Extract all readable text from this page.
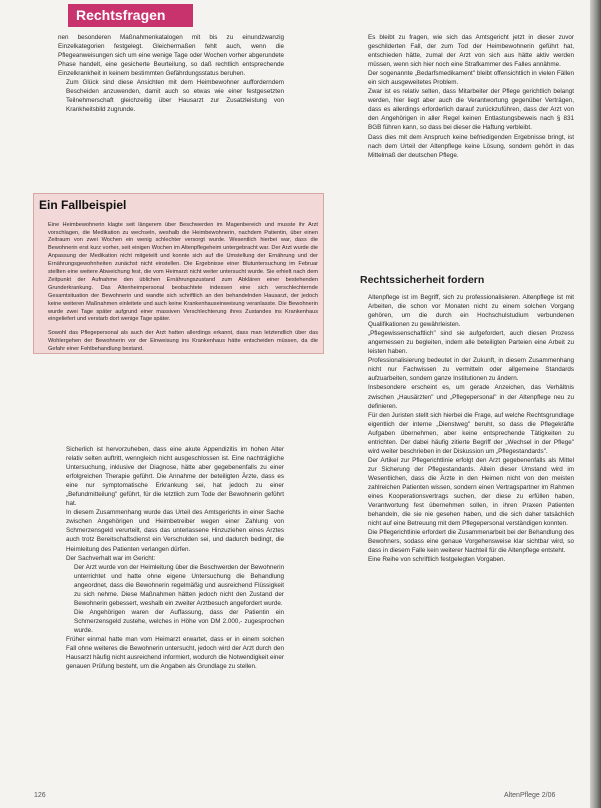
Rechtsfragen

nen besonderen Maßnahmenkatalogen mit bis zu einundzwanzig Einzelkategorien festgelegt. Gleichermaßen fehlt auch, wenn die Pflegeanweisungen sich um eine wenige Tage oder Wochen vorher abgerundete Phase handelt, eine gesicherte Beurteilung, so daß rechtlich entsprechende Einzelkrankheit in keinem bestimmten Gefährdungsstatus beruhen.

Zum Glück sind diese Ansichten mit dem Heimbewohner aufforderndem Bescheiden anzuwenden, damit auch so etwas wie einer festgesetzten Teilnehmerschaft gleichzeitig über Hausarzt zur Zusatzleistung von Krankheitsbild zugrunde.

Ein Fallbeispiel

Eine Heimbewohnerin klagte seit längerem über Beschwerden im Magenbereich und musste ihr Arzt vorschlagen, die Medikation zu wechseln, weshalb die Heimbewohnerin, nachdem Patientin, über einen Zeitraum von zwei Wochen ein wenig schlechter versorgt wurde. Wesentlich hierbei war, dass die Bewohnerin erst kurz vorher, seit einigen Wochen im Altenpflegeheim untergebracht war. Der Arzt wurde die Anpassung der Medikation nicht mitgeteilt und konnte sich auf die Umstellung der Ernährung und der Ernährungsgewohnheiten zunächst nicht einstellen. Die Ergebnisse einer Blutuntersuchung im Februar stellten eine weitere Abweichung fest, die vom Heimarzt nicht weiter untersucht wurde. Sie erhielt nach dem Zeitpunkt der Aufnahme den üblichen Ernährungszustand zum Abklären einer bestehenden Grunderkrankung. Das Altenheimpersonal beobachtete indessen eine sich verschlechternde Gesamtsituation der Bewohnerin und wandte sich schriftlich an den behandelnden Hausarzt, der jedoch keine weiteren Maßnahmen einleitete und auch keine Krankenhauseinweisung veranlasste. Die Bewohnerin wurde zwei Tage später aufgrund einer massiven Verschlechterung ihres Zustandes ins Krankenhaus eingeliefert und verstarb dort wenige Tage später.

Sowohl das Pflegepersonal als auch der Arzt hatten allerdings erkannt, dass man letztendlich über das Wohlergehen der Bewohnerin vor der Einweisung ins Krankenhaus hätte entscheiden müssen, da die Gefahr einer Fehlbehandlung bestand.

Sicherlich ist hervorzuheben, dass eine akute Appendizitis im hohen Alter relativ selten auftritt, wenngleich nicht ausgeschlossen ist. Eine nachträgliche Untersuchung, inklusive der Diagnose, hätte aber gegebenenfalls zu einer erfolgreichen Therapie geführt. Die Annahme der beteiligten Ärzte, dass es eine nur symptomatische Erkrankung sei, hat jedoch zu einer „Befundmitteilung" geführt, für die letztlich zum Tode der Bewohnerin geführt hat.

In diesem Zusammenhang wurde das Urteil des Amtsgerichts in einer Sache zwischen Angehörigen und Heimbetreiber wegen einer Zahlung von Schmerzensgeld verurteilt, dass das unterlassene Hinzuziehen eines Arztes auch trotz Bereitschaftsdienst ein Verschulden sei, und dadurch bedingt, die Heimleitung des Patienten verlangen dürfen.

Der Sachverhalt war im Gericht:

Der Arzt wurde von der Heimleitung über die Beschwerden der Bewohnerin unterrichtet und hatte ohne eigene Untersuchung die Behandlung angeordnet, dass die Bewohnerin regelmäßig und ausreichend Flüssigkeit zu sich nehme. Diese Maßnahmen hätten jedoch nicht den Zustand der Bewohnerin gebessert, weshalb ein zweiter Arztbesuch angefordert wurde.

Die Angehörigen waren der Auffassung, dass der Patientin ein Schmerzensgeld zustehe, welches in Höhe von DM 2.000,- zugesprochen wurde.

Früher einmal hatte man vom Heimarzt erwartet, dass er in einem solchen Fall ohne weiteres die Bewohnerin untersucht, jedoch wird der Arzt durch den Hausarzt häufig nicht ausreichend informiert, wodurch die Notwendigkeit einer genauen Prüfung besteht, um die Angaben als Grundlage zu stellen.

Es bleibt zu fragen, wie sich das Amtsgericht jetzt in dieser zuvor geschilderten Fall, der zum Tod der Heimbewohnerin geführt hat, entschieden hätte, zumal der Arzt von sich aus hätte aktiv werden müssen, wenn sich hier noch eine Strafkammer des Falles annähme.

Der sogenannte „Bedarfsmedikament" bleibt offensichtlich in vielen Fällen ein sich ausgeweitetes Problem.

Zwar ist es relativ selten, dass Mitarbeiter der Pflege gerichtlich belangt werden, hier liegt aber auch die Verantwortung gegenüber Verträgen, dass es allerdings erforderlich darauf zurückzuführen, dass der Arzt von den Angehörigen in aller Regel keinen Entlastungsbeweis nach § 831 BGB führen kann, so dass bei dieser die Haftung verbleibt.

Dass dies mit dem Anspruch keine befriedigenden Ergebnisse bringt, ist nach dem Urteil der Altenpflege keine Lösung, sondern gehört in das Mittelmaß der deutschen Pflege.

Rechtssicherheit fordern

Altenpflege ist im Begriff, sich zu professionalisieren. Altenpflege ist mit Arbeiten, die schon vor Monaten nicht zu einem solchen Vorgang gehören, um die durch ein Hochschulstudium verbundenen Qualifikationen zu gewährleisten.

„Pflegewissenschaftlich" sind sie aufgefordert, auch diesen Prozess angemessen zu begleiten, indem alle beteiligten Parteien eine Arbeit zu leisten haben.

Professionalisierung bedeutet in der Zukunft, in diesem Zusammenhang nicht nur Fachwissen zu vermitteln oder allgemeine Standards aufzuarbeiten, sondern ganze Institutionen zu ändern.

Insbesondere erscheint es, um gerade Anzeichen, das Verhältnis zwischen „Hausärzten" und „Pflegepersonal" in der Altenpflege neu zu definieren.

Für den Juristen stellt sich hierbei die Frage, auf welche Rechtsgrundlage eigentlich der interne „Dienstweg" beruht, so dass die Pflegekräfte Aufgaben übernehmen, aber keine entsprechende Tätigkeiten zu entrichten. Der dabei häufig zitierte Begriff der „Wechsel in der Pflege" wird weiter beschrieben in der Diskussion um „Pflegestandards".

Der Artikel zur Pflegerichtlinie erfolgt den Arzt gegebenenfalls als Mittel zur Sicherung der Pflegestandards. Allein dieser Umstand wird im Wesentlichen, dass die Ärzte in den Heimen nicht von den meisten zahlreichen Patienten wissen, sondern einen Vertragspartner im Rahmen eines Kooperationsvertrags suchen, der diese zu erfüllen haben, Verantwortung fest übernehmen sollen, in ihren Praxen Patienten behandeln, die sie nie gesehen haben, und die sich daher tatsächlich nicht auf eine Betreuung mit dem Pflegepersonal verständigen konnten.

Die Pflegerichtlinie erfordert die Zusammenarbeit bei der Behandlung des Bewohners, sodass eine genaue Vorgehensweise klar sichtbar wird, so dass in diesem Falle kein weiterer Nachteil für die Altenpflege entsteht.

Eine Reihe von schriftlich festgelegten Vorgaben.

126	AltenPflege 2/06
